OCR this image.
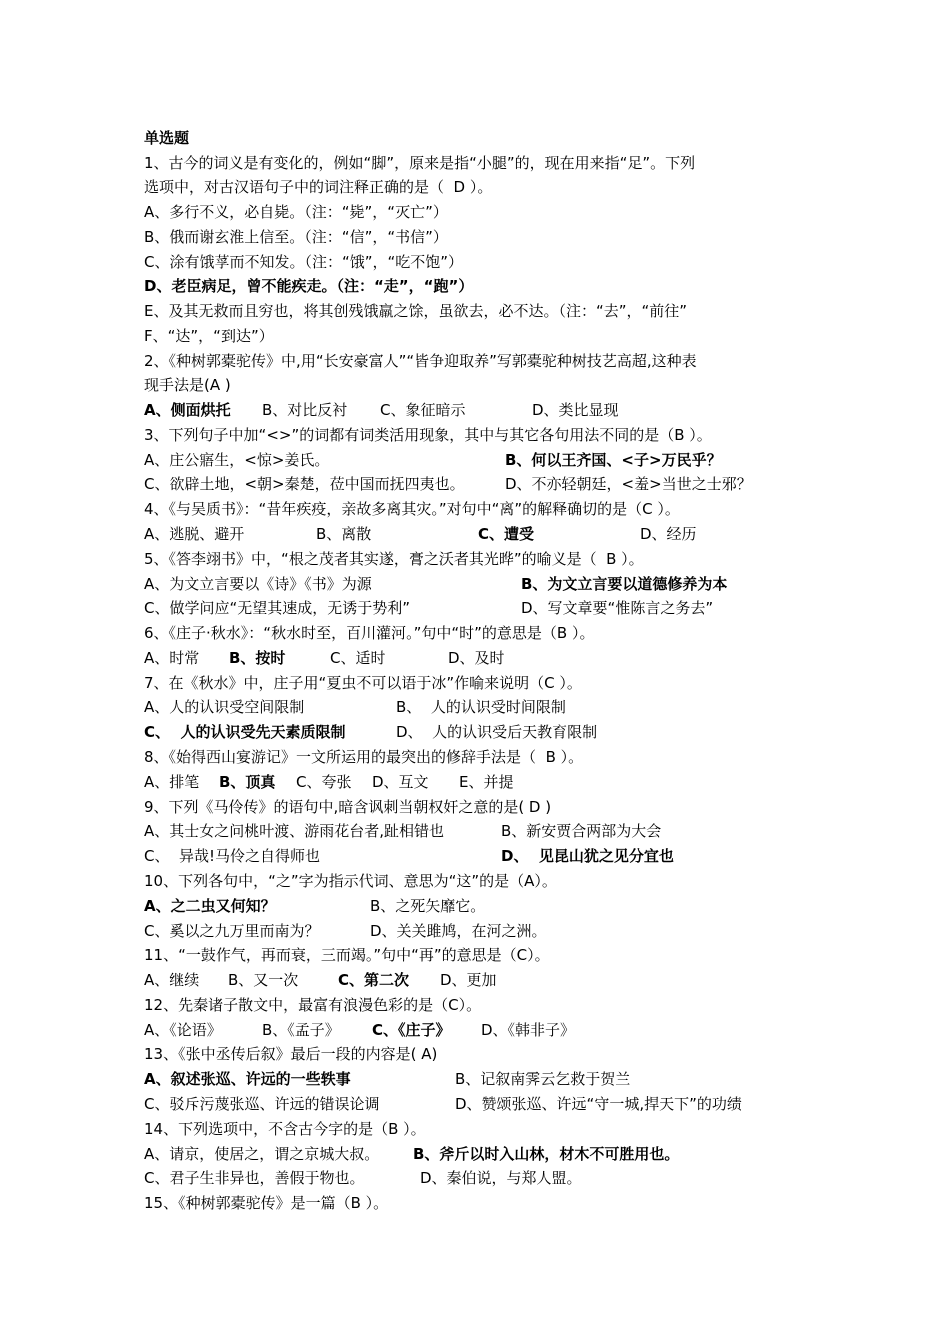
单选题
1、古今的词义是有变化的，例如“脚”，原来是指“小腿”的，现在用来指“足”。下列
选项中，对古汉语句子中的词注释正确的是（  D ）。
A、多行不义，必自毙。（注：“毙”，“灭亡”）
B、俄而谢玄淮上信至。（注：“信”，“书信”）
C、涂有饿莩而不知发。（注：“饿”，“吃不饱”）
D、老臣病足，曾不能疾走。（注：“走”，“跑”）
E、及其无救而且穷也，将其创残饿羸之馀，虽欲去，必不达。（注：“去”，“前往”
F、“达”，“到达”）
2、《种树郭橐驼传》中,用“长安豪富人”“皆争迎取养”写郭橐驼种树技艺高超,这种表
现手法是(A )
A、侧面烘托 B、对比反衬 C、象征暗示	D、类比显现
3、下列句子中加“<>”的词都有词类活用现象，其中与其它各句用法不同的是（B ）。
A、庄公寤生，<惊>姜氏。	B、何以王齐国、<子>万民乎？
C、欲辟土地，<朝>秦楚，莅中国而抚四夷也。	D、不亦轻朝廷，<羞>当世之士邪？
4、《与吴质书》：“昔年疾疫，亲故多离其灾。”对句中“离”的解释确切的是（C ）。
A、逃脱、避开	B、离散	C、遭受	D、经历
5、《答李翊书》中，“根之茂者其实遂，膏之沃者其光晔”的喻义是（  B ）。
A、为文立言要以《诗》《书》为源	B、为文立言要以道德修养为本
C、做学问应“无望其速成，无诱于势利”	D、写文章要“惟陈言之务去”
6、《庄子·秋水》：“秋水时至，百川灌河。”句中“时”的意思是（B ）。
A、时常 B、按时	C、适时	D、及时
7、在《秋水》中，庄子用“夏虫不可以语于冰”作喻来说明（C ）。
A、人的认识受空间限制	B、  人的认识受时间限制
C、  人的认识受先天素质限制	D、  人的认识受后天教育限制
8、《始得西山宴游记》一文所运用的最突出的修辞手法是（  B ）。
A、排笔 B、顶真 C、夸张 D、互文 E、并提
9、下列《马伶传》的语句中,暗含讽刺当朝权奸之意的是( D )
A、其士女之问桃叶渡、游雨花台者,趾相错也	B、新安贾合两部为大会
C、  异哉!马伶之自得师也	D、  见昆山犹之见分宜也
10、下列各句中，“之”字为指示代词、意思为“这”的是（A）。
A、之二虫又何知？	B、之死矢靡它。
C、奚以之九万里而南为？	D、关关雎鸠，在河之洲。
11、“一鼓作气，再而衰，三而竭。”句中“再”的意思是（C）。
A、继续 B、又一次	C、第二次 D、更加
12、先秦诸子散文中，最富有浪漫色彩的是（C）。
A、《论语》	B、《孟子》 C、《庄子》 D、《韩非子》
13、《张中丞传后叙》最后一段的内容是( A)
A、叙述张巡、许远的一些轶事	B、记叙南霁云乞救于贺兰
C、驳斥污蔑张巡、许远的错误论调	D、赞颂张巡、许远“守一城,捍天下”的功绩
14、下列选项中，不含古今字的是（B ）。
A、请京，使居之，谓之京城大叔。 B、斧斤以时入山林，材木不可胜用也。
C、君子生非异也，善假于物也。	D、秦伯说，与郑人盟。
15、《种树郭橐驼传》是一篇（B ）。
